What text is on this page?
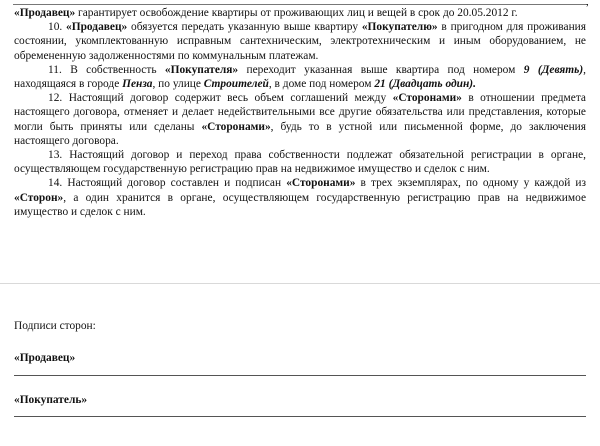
,

«Продавец» гарантирует освобождение квартиры от проживающих лиц и вещей в срок до 20.05.2012 г.

10. «Продавец» обязуется передать указанную выше квартиру «Покупателю» в пригодном для проживания состоянии, укомплектованную исправным сантехническим, электротехническим и иным оборудованием, не обремененную задолженностями по коммунальным платежам.

11. В собственность «Покупателя» переходит указанная выше квартира под номером 9 (Девять), находящаяся в городе Пенза, по улице Строителей, в доме под номером 21 (Двадцать один).

12. Настоящий договор содержит весь объем соглашений между «Сторонами» в отношении предмета настоящего договора, отменяет и делает недействительными все другие обязательства или представления, которые могли быть приняты или сделаны «Сторонами», будь то в устной или письменной форме, до заключения настоящего договора.

13. Настоящий договор и переход права собственности подлежат обязательной регистрации в органе, осуществляющем государственную регистрацию прав на недвижимое имущество и сделок с ним.

14. Настоящий договор составлен и подписан «Сторонами» в трех экземплярах, по одному у каждой из «Сторон», а один хранится в органе, осуществляющем государственную регистрацию прав на недвижимое имущество и сделок с ним.

Подписи сторон:
«Продавец»
«Покупатель»
